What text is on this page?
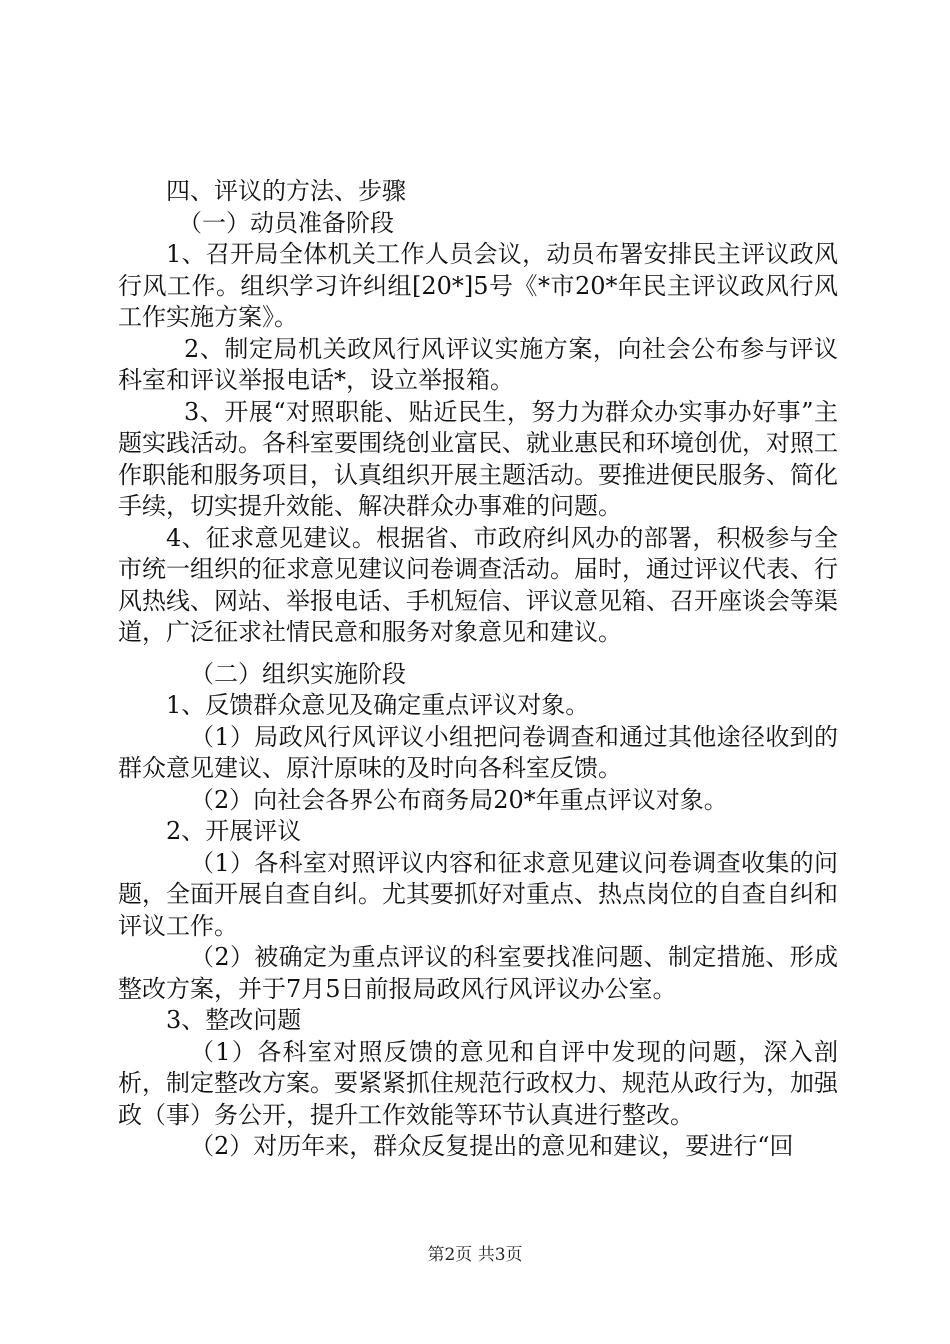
四、评议的方法、步骤

（一）动员准备阶段

1、召开局全体机关工作人员会议，动员布署安排民主评议政风行风工作。组织学习许纠组[20*]5号《*市20*年民主评议政风行风工作实施方案》。

2、制定局机关政风行风评议实施方案，向社会公布参与评议科室和评议举报电话*，设立举报箱。

3、开展“对照职能、贴近民生，努力为群众办实事办好事”主题实践活动。各科室要围绕创业富民、就业惠民和环境创优，对照工作职能和服务项目，认真组织开展主题活动。要推进便民服务、简化手续，切实提升效能、解决群众办事难的问题。

4、征求意见建议。根据省、市政府纠风办的部署，积极参与全市统一组织的征求意见建议问卷调查活动。届时，通过评议代表、行风热线、网站、举报电话、手机短信、评议意见箱、召开座谈会等渠道，广泛征求社情民意和服务对象意见和建议。

（二）组织实施阶段

1、反馈群众意见及确定重点评议对象。

（1）局政风行风评议小组把问卷调查和通过其他途径收到的群众意见建议、原汁原味的及时向各科室反馈。

（2）向社会各界公布商务局20*年重点评议对象。

2、开展评议

（1）各科室对照评议内容和征求意见建议问卷调查收集的问题，全面开展自查自纠。尤其要抓好对重点、热点岗位的自查自纠和评议工作。

（2）被确定为重点评议的科室要找准问题、制定措施、形成整改方案，并于7月5日前报局政风行风评议办公室。

3、整改问题

（1）各科室对照反馈的意见和自评中发现的问题，深入剖析，制定整改方案。要紧紧抓住规范行政权力、规范从政行为，加强政（事）务公开，提升工作效能等环节认真进行整改。

（2）对历年来，群众反复提出的意见和建议，要进行“回

第2页 共3页
